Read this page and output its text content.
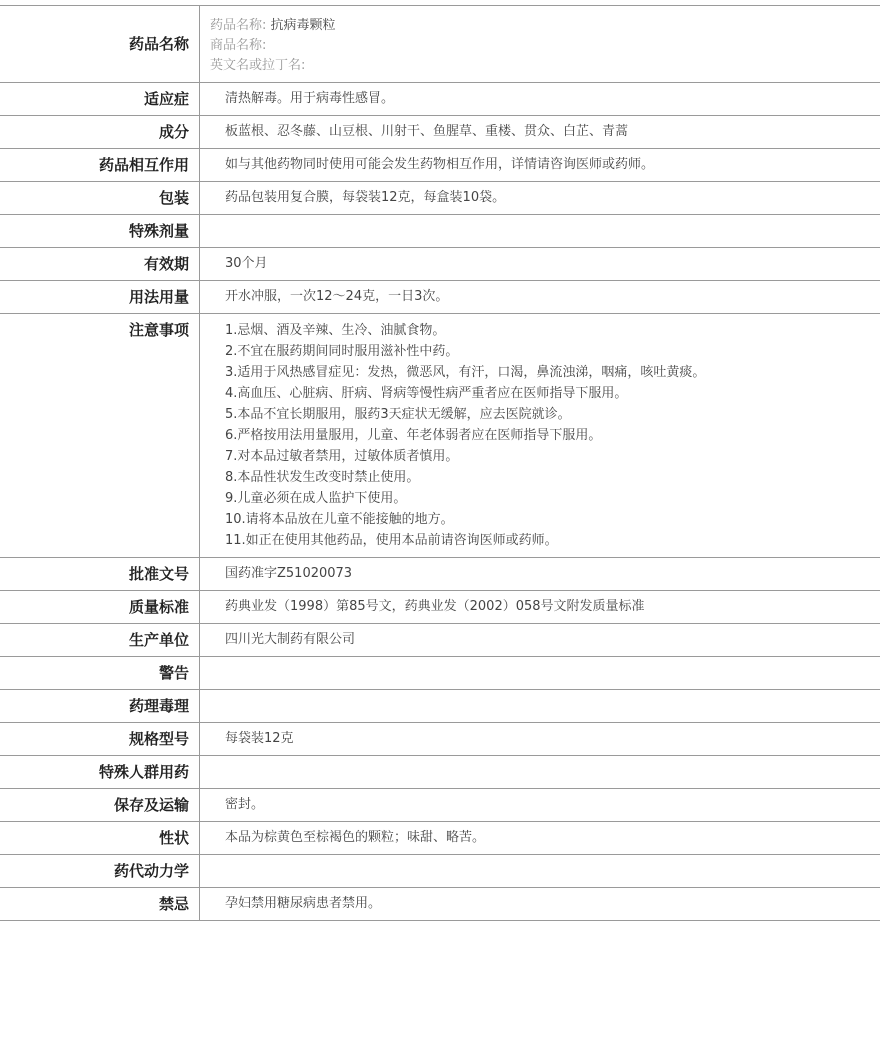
药品名称
药品名称: 抗病毒颗粒
商品名称:
英文名或拉丁名:
适应症	清热解毒。用于病毒性感冒。
成分	板蓝根、忍冬藤、山豆根、川射干、鱼腥草、重楼、贯众、白芷、青蒿
药品相互作用	如与其他药物同时使用可能会发生药物相互作用，详情请咨询医师或药师。
包装	药品包装用复合膜，每袋装12克，每盒装10袋。
特殊剂量
有效期	30个月
用法用量	开水冲服，一次12～24克，一日3次。
注意事项	1.忌烟、酒及辛辣、生冷、油腻食物。
2.不宜在服药期间同时服用滋补性中药。
3.适用于风热感冒症见：发热，微恶风，有汗，口渴，鼻流浊涕，咽痛，咳吐黄痰。
4.高血压、心脏病、肝病、肾病等慢性病严重者应在医师指导下服用。
5.本品不宜长期服用，服药3天症状无缓解，应去医院就诊。
6.严格按用法用量服用，儿童、年老体弱者应在医师指导下服用。
7.对本品过敏者禁用，过敏体质者慎用。
8.本品性状发生改变时禁止使用。
9.儿童必须在成人监护下使用。
10.请将本品放在儿童不能接触的地方。
11.如正在使用其他药品，使用本品前请咨询医师或药师。
批准文号	国药准字Z51020073
质量标准	药典业发（1998）第85号文，药典业发（2002）058号文附发质量标准
生产单位	四川光大制药有限公司
警告
药理毒理
规格型号	每袋装12克
特殊人群用药
保存及运输	密封。
性状	本品为棕黄色至棕褐色的颗粒；味甜、略苦。
药代动力学
禁忌	孕妇禁用糖尿病患者禁用。
